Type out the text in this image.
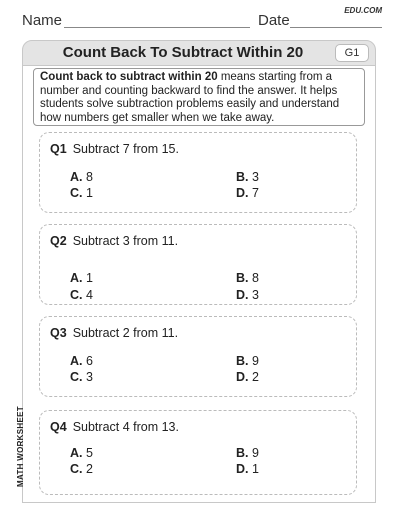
Name	Date
EDU.COM
Count Back To Subtract Within 20	G1
Count back to subtract within 20 means starting from a number and counting backward to find the answer. It helps students solve subtraction problems easily and understand how numbers get smaller when we take away.
Q1 Subtract 7 from 15.
A. 8	B. 3
C. 1	D. 7
Q2 Subtract 3 from 11.
A. 1	B. 8
C. 4	D. 3
Q3 Subtract 2 from 11.
A. 6	B. 9
C. 3	D. 2
Q4 Subtract 4 from 13.
A. 5	B. 9
C. 2	D. 1
MATH WORKSHEET
